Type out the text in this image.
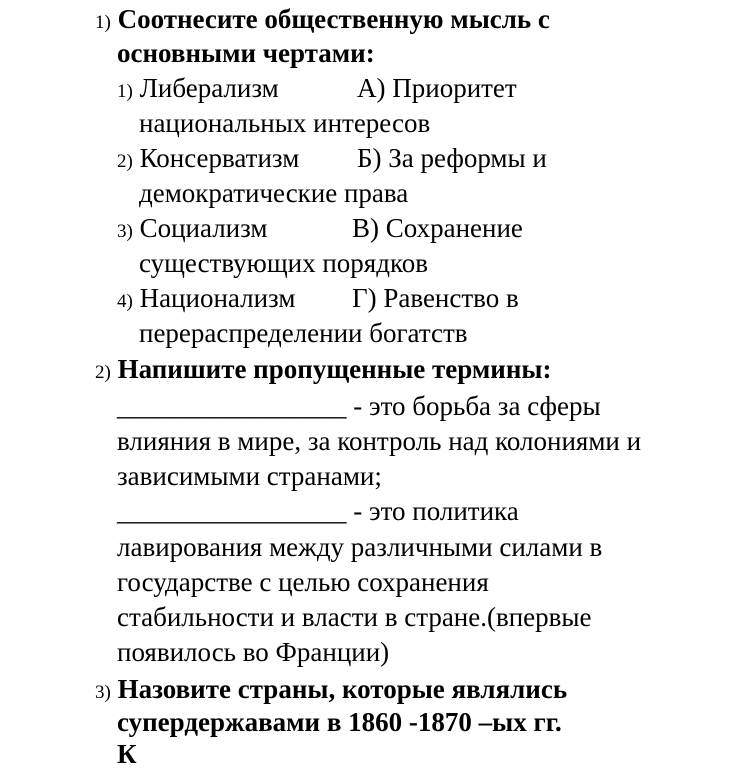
1) Соотнесите общественную мысль с
основными чертами:
1) Либерализм	А) Приоритет
национальных интересов
2) Консерватизм Б) За реформы и
демократические права
3) Социализм	В) Сохранение
существующих порядков
4) Национализм Г) Равенство в
перераспределении богатств
2) Напишите пропущенные термины:
_________________ - это борьба за сферы
влияния в мире, за контроль над колониями и
зависимыми странами;
_________________ - это политика
лавирования между различными силами в
государстве с целью сохранения
стабильности и власти в стране.(впервые
появилось во Франции)
3) Назовите страны, которые являлись
супердержавами в 1860 -1870 –ых гг.
К
